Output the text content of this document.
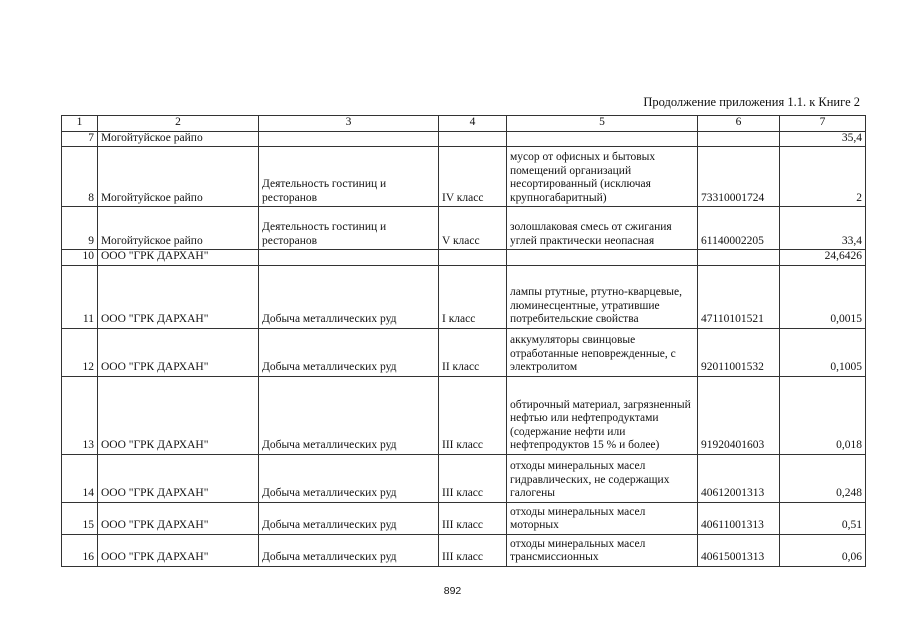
Продолжение приложения 1.1. к Книге 2
1	2	3	4	5	6	7
7	Могойтуйское райпо					35,4
8	Могойтуйское райпо	Деятельность гостиниц и ресторанов	IV класс	мусор от офисных и бытовых помещений организаций несортированный (исключая крупногабаритный)	73310001724	2
9	Могойтуйское райпо	Деятельность гостиниц и ресторанов	V класс	золошлаковая смесь от сжигания углей практически неопасная	61140002205	33,4
10	ООО "ГРК ДАРХАН"					24,6426
11	ООО "ГРК ДАРХАН"	Добыча металлических руд	I класс	лампы ртутные, ртутно-кварцевые, люминесцентные, утратившие потребительские свойства	47110101521	0,0015
12	ООО "ГРК ДАРХАН"	Добыча металлических руд	II класс	аккумуляторы свинцовые отработанные неповрежденные, с электролитом	92011001532	0,1005
13	ООО "ГРК ДАРХАН"	Добыча металлических руд	III класс	обтирочный материал, загрязненный нефтью или нефтепродуктами (содержание нефти или нефтепродуктов 15 % и более)	91920401603	0,018
14	ООО "ГРК ДАРХАН"	Добыча металлических руд	III класс	отходы минеральных масел гидравлических, не содержащих галогены	40612001313	0,248
15	ООО "ГРК ДАРХАН"	Добыча металлических руд	III класс	отходы минеральных масел моторных	40611001313	0,51
16	ООО "ГРК ДАРХАН"	Добыча металлических руд	III класс	отходы минеральных масел трансмиссионных	40615001313	0,06
892
